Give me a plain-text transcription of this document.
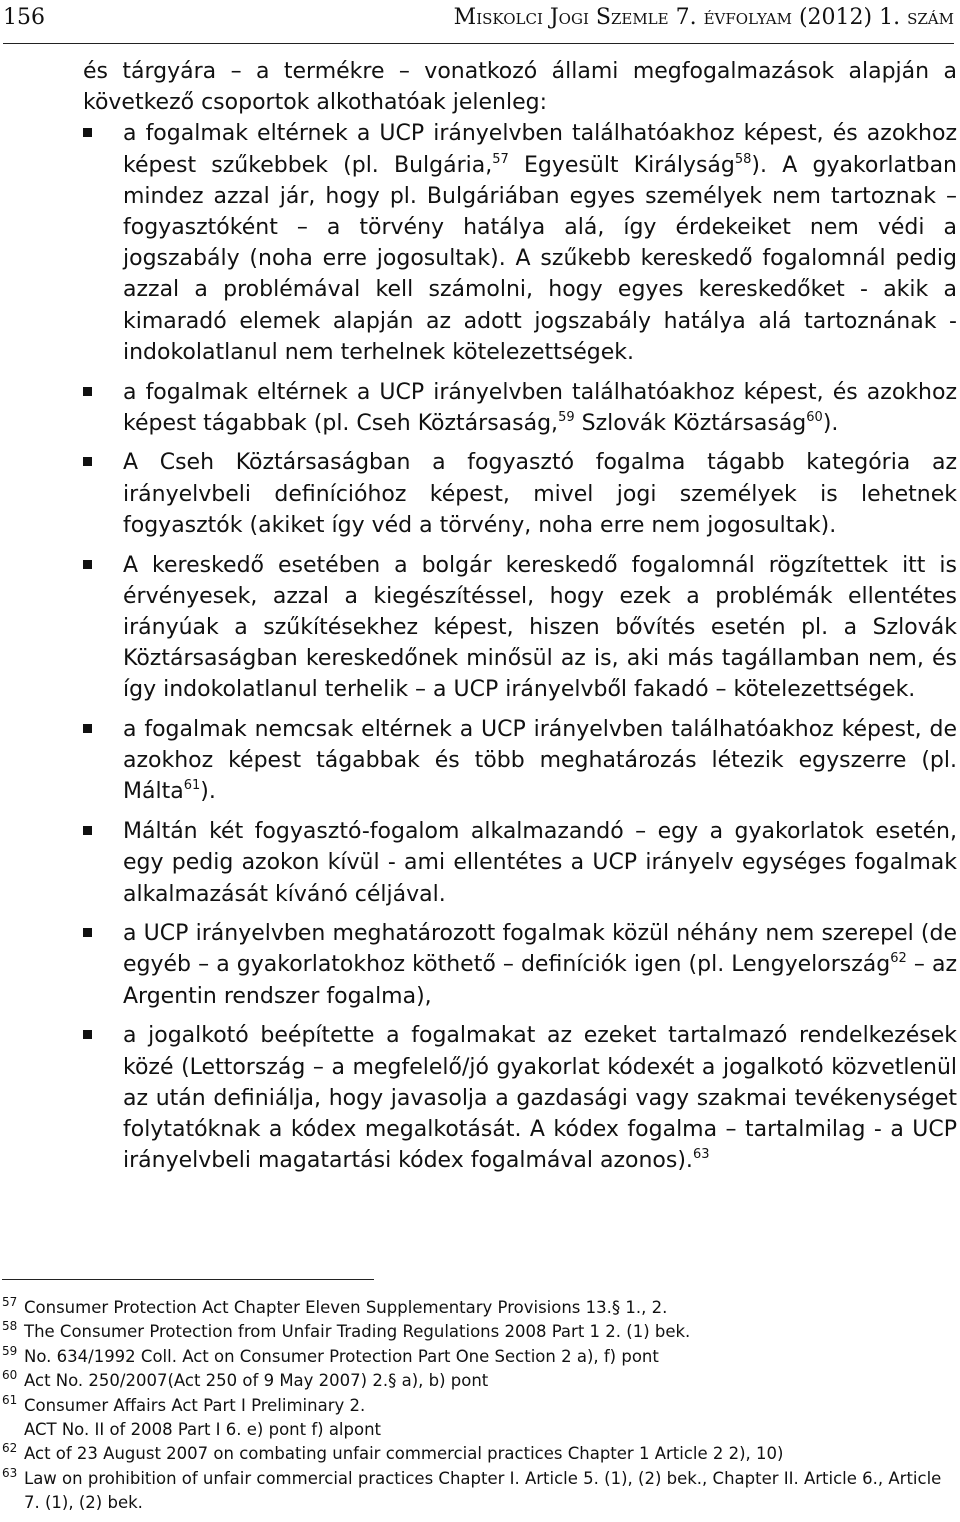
156	Miskolci Jogi Szemle 7. évfolyam (2012) 1. szám

és tárgyára – a termékre – vonatkozó állami megfogalmazások alapján a következő csoportok alkothatóak jelenleg:

a fogalmak eltérnek a UCP irányelvben találhatóakhoz képest, és azokhoz képest szűkebbek (pl. Bulgária,$^{57}$ Egyesült Királyság$^{58}$). A gyakorlatban mindez azzal jár, hogy pl. Bulgáriában egyes személyek nem tartoznak – fogyasztóként – a törvény hatálya alá, így érdekeiket nem védi a jogszabály (noha erre jogosultak). A szűkebb kereskedő fogalomnál pedig azzal a problémával kell számolni, hogy egyes kereskedőket - akik a kimaradó elemek alapján az adott jogszabály hatálya alá tartoznának - indokolatlanul nem terhelnek kötelezettségek.
a fogalmak eltérnek a UCP irányelvben találhatóakhoz képest, és azokhoz képest tágabbak (pl. Cseh Köztársaság,$^{59}$ Szlovák Köztársaság$^{60}$).
A Cseh Köztársaságban a fogyasztó fogalma tágabb kategória az irányelvbeli definícióhoz képest, mivel jogi személyek is lehetnek fogyasztók (akiket így véd a törvény, noha erre nem jogosultak).
A kereskedő esetében a bolgár kereskedő fogalomnál rögzítettek itt is érvényesek, azzal a kiegészítéssel, hogy ezek a problémák ellentétes irányúak a szűkítésekhez képest, hiszen bővítés esetén pl. a Szlovák Köztársaságban kereskedőnek minősül az is, aki más tagállamban nem, és így indokolatlanul terhelik – a UCP irányelvből fakadó – kötelezettségek.
a fogalmak nemcsak eltérnek a UCP irányelvben találhatóakhoz képest, de azokhoz képest tágabbak és több meghatározás létezik egyszerre (pl. Málta$^{61}$).
Máltán két fogyasztó-fogalom alkalmazandó – egy a gyakorlatok esetén, egy pedig azokon kívül - ami ellentétes a UCP irányelv egységes fogalmak alkalmazását kívánó céljával.
a UCP irányelvben meghatározott fogalmak közül néhány nem szerepel (de egyéb – a gyakorlatokhoz köthető – definíciók igen (pl. Lengyelország$^{62}$ – az Argentin rendszer fogalma),
a jogalkotó beépítette a fogalmakat az ezeket tartalmazó rendelkezések közé (Lettország – a megfelelő/jó gyakorlat kódexét a jogalkotó közvetlenül az után definiálja, hogy javasolja a gazdasági vagy szakmai tevékenységet folytatóknak a kódex megalkotását. A kódex fogalma – tartalmilag - a UCP irányelvbeli magatartási kódex fogalmával azonos).$^{63}$
57 Consumer Protection Act Chapter Eleven Supplementary Provisions 13.§ 1., 2.
58 The Consumer Protection from Unfair Trading Regulations 2008 Part 1 2. (1) bek.
59 No. 634/1992 Coll. Act on Consumer Protection Part One Section 2 a), f) pont
60 Act No. 250/2007(Act 250 of 9 May 2007) 2.§ a), b) pont
61 Consumer Affairs Act Part I Preliminary 2.
ACT No. II of 2008 Part I 6. e) pont f) alpont
62 Act of 23 August 2007 on combating unfair commercial practices Chapter 1 Article 2 2), 10)
63 Law on prohibition of unfair commercial practices Chapter I. Article 5. (1), (2) bek., Chapter II. Article 6., Article 7. (1), (2) bek.
